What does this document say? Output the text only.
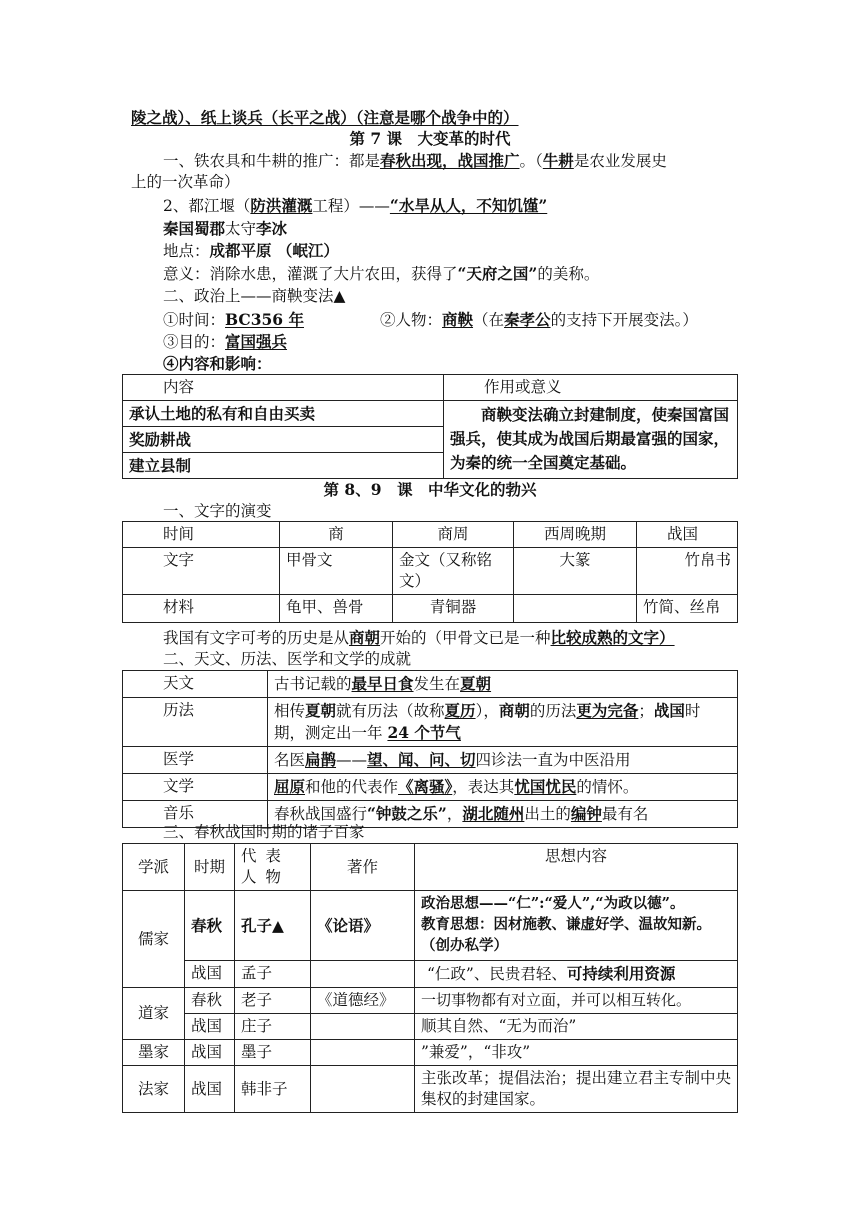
陵之战）、纸上谈兵（长平之战）（注意是哪个战争中的）
第 7 课　大变革的时代
一、铁农具和牛耕的推广：都是春秋出现，战国推广。（牛耕是农业发展史
上的一次革命）
2、都江堰（防洪灌溉工程）——“水旱从人，不知饥馑”
秦国蜀郡太守李冰
地点：成都平原 （岷江）
意义：消除水患，灌溉了大片农田，获得了“天府之国”的美称。
二、政治上——商鞅变法▲
①时间：BC356 年	②人物：商鞅（在秦孝公的支持下开展变法。）
③目的：富国强兵
④内容和影响：
内容	作用或意义
承认土地的私有和自由买卖	商鞅变法确立封建制度，使秦国富国强兵，使其成为战国后期最富强的国家，为秦的统一全国奠定基础。
奖励耕战	
建立县制	
第 8、9　课　中华文化的勃兴
一、文字的演变
时间	商	商周	西周晚期	战国
文字	甲骨文	金文（又称铭文）	大篆	竹帛书
材料	龟甲、兽骨	青铜器		竹简、丝帛
我国有文字可考的历史是从商朝开始的（甲骨文已是一种比较成熟的文字）
二、天文、历法、医学和文学的成就
天文	古书记载的最早日食发生在夏朝
历法	相传夏朝就有历法（故称夏历），商朝的历法更为完备；战国时
期，测定出一年 24 个节气
医学	名医扁鹊——望、闻、问、切四诊法一直为中医沿用
文学	屈原和他的代表作《离骚》，表达其忧国忧民的情怀。
音乐	春秋战国盛行“钟鼓之乐”，湖北随州出土的编钟最有名
三、春秋战国时期的诸子百家
学派	时期	代 表 人 物	著作	思想内容
儒家	春秋	孔子▲	《论语》	政治思想——“仁”:“爱人”,“为政以德”。
教育思想：因材施教、谦虚好学、温故知新。（创办私学）

	战国	孟子		“仁政”、民贵君轻、可持续利用资源
道家	春秋	老子	《道德经》	一切事物都有对立面，并可以相互转化。
	战国	庄子		顺其自然、“无为而治”
墨家	战国	墨子		”兼爱”，“非攻”
法家	战国	韩非子		主张改革；提倡法治；提出建立君主专制中央集权的封建国家。
